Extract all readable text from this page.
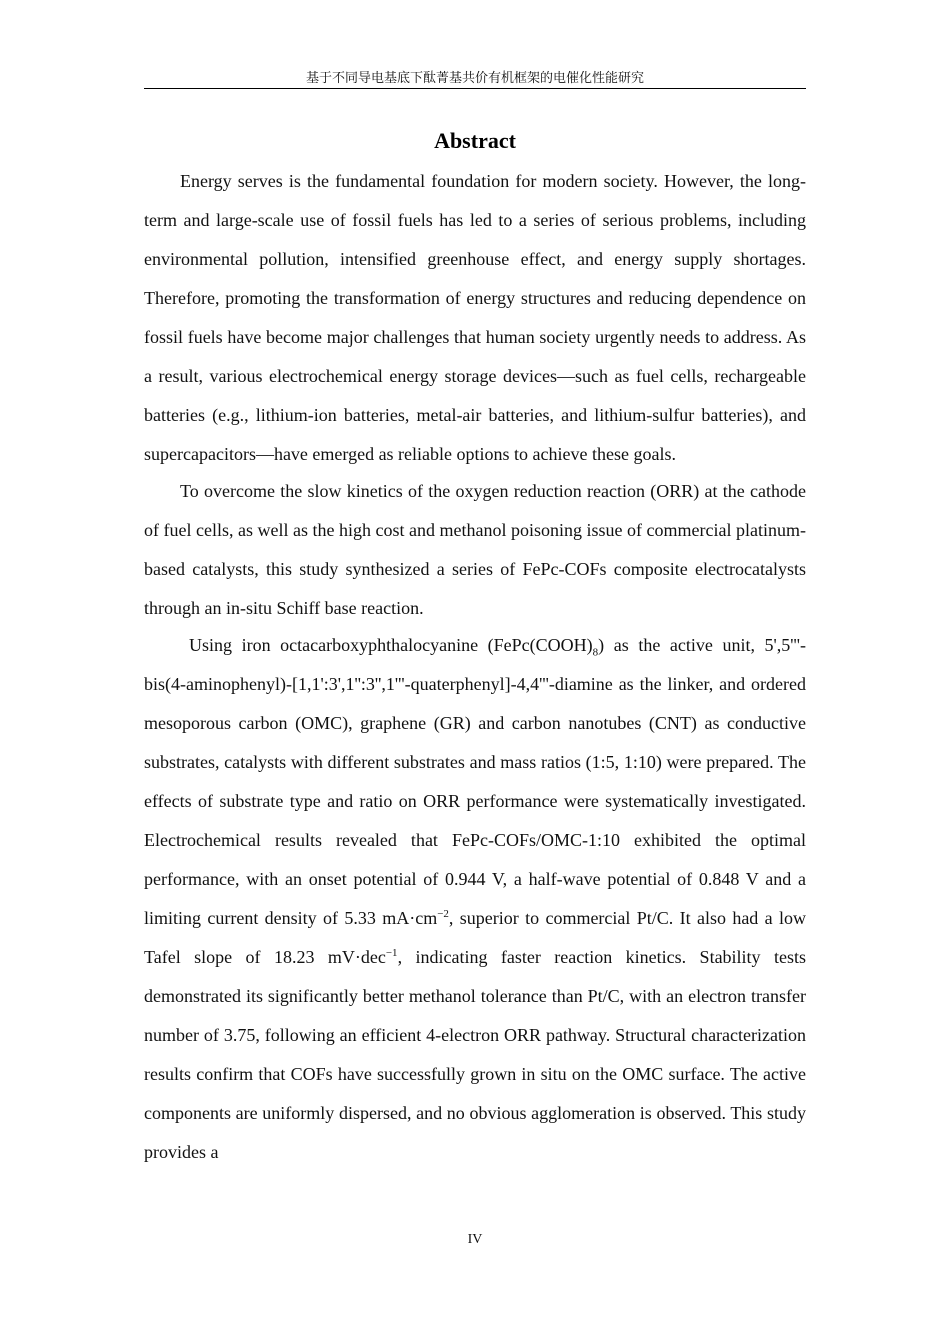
基于不同导电基底下酞菁基共价有机框架的电催化性能研究
Abstract

Energy serves is the fundamental foundation for modern society. However, the long-term and large-scale use of fossil fuels has led to a series of serious problems, including environmental pollution, intensified greenhouse effect, and energy supply shortages. Therefore, promoting the transformation of energy structures and reducing dependence on fossil fuels have become major challenges that human society urgently needs to address. As a result, various electrochemical energy storage devices—such as fuel cells, rechargeable batteries (e.g., lithium-ion batteries, metal-air batteries, and lithium-sulfur batteries), and supercapacitors—have emerged as reliable options to achieve these goals.

To overcome the slow kinetics of the oxygen reduction reaction (ORR) at the cathode of fuel cells, as well as the high cost and methanol poisoning issue of commercial platinum-based catalysts, this study synthesized a series of FePc-COFs composite electrocatalysts through an in-situ Schiff base reaction.

Using iron octacarboxyphthalocyanine $(FePc(COOH)_8)$ as the active unit, 5',5'''-bis(4-aminophenyl)-[1,1':3',1'':3'',1'''-quaterphenyl]-4,4'''-diamine as the linker, and ordered mesoporous carbon (OMC), graphene (GR) and carbon nanotubes (CNT) as conductive substrates, catalysts with different substrates and mass ratios (1:5, 1:10) were prepared. The effects of substrate type and ratio on ORR performance were systematically investigated. Electrochemical results revealed that FePc-COFs/OMC-1:10 exhibited the optimal performance, with an onset potential of 0.944 V, a half-wave potential of 0.848 V and a limiting current density of 5.33 $mA\cdot cm^{-2}$, superior to commercial Pt/C. It also had a low Tafel slope of 18.23 mV·dec$^{-1}$, indicating faster reaction kinetics. Stability tests demonstrated its significantly better methanol tolerance than Pt/C, with an electron transfer number of 3.75, following an efficient 4-electron ORR pathway. Structural characterization results confirm that COFs have successfully grown in situ on the OMC surface. The active components are uniformly dispersed, and no obvious agglomeration is observed. This study provides a

IV
